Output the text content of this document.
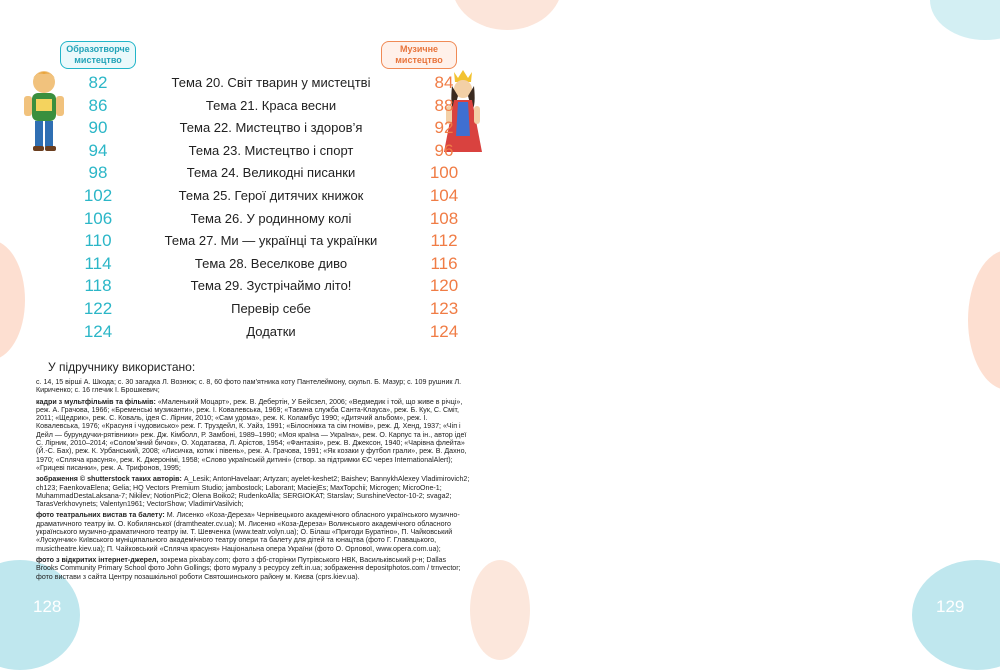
Образотворче мистецтво
Музичне мистецтво
82	Тема 20. Світ тварин у мистецтві	84
86	Тема 21. Краса весни	88
90	Тема 22. Мистецтво і здоров’я	92
94	Тема 23. Мистецтво і спорт	96
98	Тема 24. Великодні писанки	100
102	Тема 25. Герої дитячих книжок	104
106	Тема 26. У родинному колі	108
110	Тема 27. Ми — українці та українки	112
114	Тема 28. Веселкове диво	116
118	Тема 29. Зустрічаймо літо!	120
122	Перевір себе	123
124	Додатки	124
У підручнику використано:

с. 14, 15 вірші А. Шкода; с. 30 загадка Л. Вознюк; с. 8, 60 фото пам’ятника коту Пантелеймону, скульп. Б. Мазур; с. 109 рушник Л. Кириченко; с. 16 глечик І. Брошкевич;

кадри з мультфільмів та фільмів: «Маленький Моцарт», реж. В. Дебертін, У Бейсзел, 2006; «Ведмедик і той, що живе в річці», реж. А. Грачова, 1966; «Бременські музиканти», реж. І. Ковалевська, 1969; «Таємна служба Санта-Клауса», реж. Б. Кук, С. Сміт, 2011; «Щедрик», реж. С. Коваль, ідея С. Лірник, 2010; «Сам удома», реж. К. Коламбус 1990; «Дитячий альбом», реж. І. Ковалевська, 1976; «Красуня і чудовисько» реж. Г. Труздейл, К. Уайз, 1991; «Білосніжка та сім гномів», реж. Д. Хенд, 1937; «Чіп і Дейл — бурундучки-рятівники» реж. Дж. Кімболл, Р. Замбоні, 1989–1990; «Моя країна — Україна», реж. О. Карпус та ін., автор ідеї С. Лірник, 2010–2014; «Соломʼяний бичок», О. Ходатаєва, Л. Арістов, 1954; «Фантазія», реж. В. Джексон, 1940; «Чарівна флейта» (Й.-С. Бах), реж. К. Урбанський, 2008; «Лисичка, котик і півень», реж. А. Грачова, 1991; «Як козаки у футбол грали», реж. В. Дахно, 1970; «Сплячa красуня», реж. К. Джеронімі, 1958; «Слово українській дитині» (створ. за підтримки ЄС через InternationalAlert); «Грицеві писанки», реж. А. Трифонов, 1995;

зображення © shutterstock таких авторів: A_Lesik; AntonHavelaar; Artyzan; ayelet-keshet2; Baishev; BannykhAlexey Vladimirovich2; ch123; FaenkovaElena; Gelia; HQ Vectors Premium Studio; jambostock; Laborant; MaciejEs; MaxTopchii; Microgen; MicroOne-1; MuhammadDestaLaksana-7; Nikilev; NotionPic2; Olena Boiko2; RudenkoAlla; SERGIOKAT; Starslav; SunshineVector-10-2; svaga2; TarasVerkhovynets; Valentyn1961; VectorShow; VladimirVasilvich;

фото театральних вистав та балету: М. Лисенко «Коза-Дереза» Чернівецького академічного обласного українського музично-драматичного театру ім. О. Кобилянської (dramtheater.cv.ua); М. Лисенко «Коза-Дереза» Волинського академічного обласного українського музично-драматичного театру ім. Т. Шевченка (www.teatr.volyn.ua); О. Білаш «Пригоди Буратіно», П. Чайковський «Лускунчик» Київського муніципального академічного театру опери та балету для дітей та юнацтва (фото Г. Главацького, musictheatre.kiev.ua); П. Чайковський «Спляча красуня» Національна опера України (фото О. Орлової, www.opera.com.ua);

фото з відкритих інтернет-джерел, зокрема pixabay.com; фото з фб-сторінки Путрівського НВК, Васильківський р-н; Dallas Brooks Community Primary School фото John Gollings; фото муралу з ресурсу zeft.in.ua; зображення depositphotos.com / trnvector; фото вистави з сайта Центру позашкільної роботи Святошинського району м. Києва (cprs.kiev.ua).

128	129
